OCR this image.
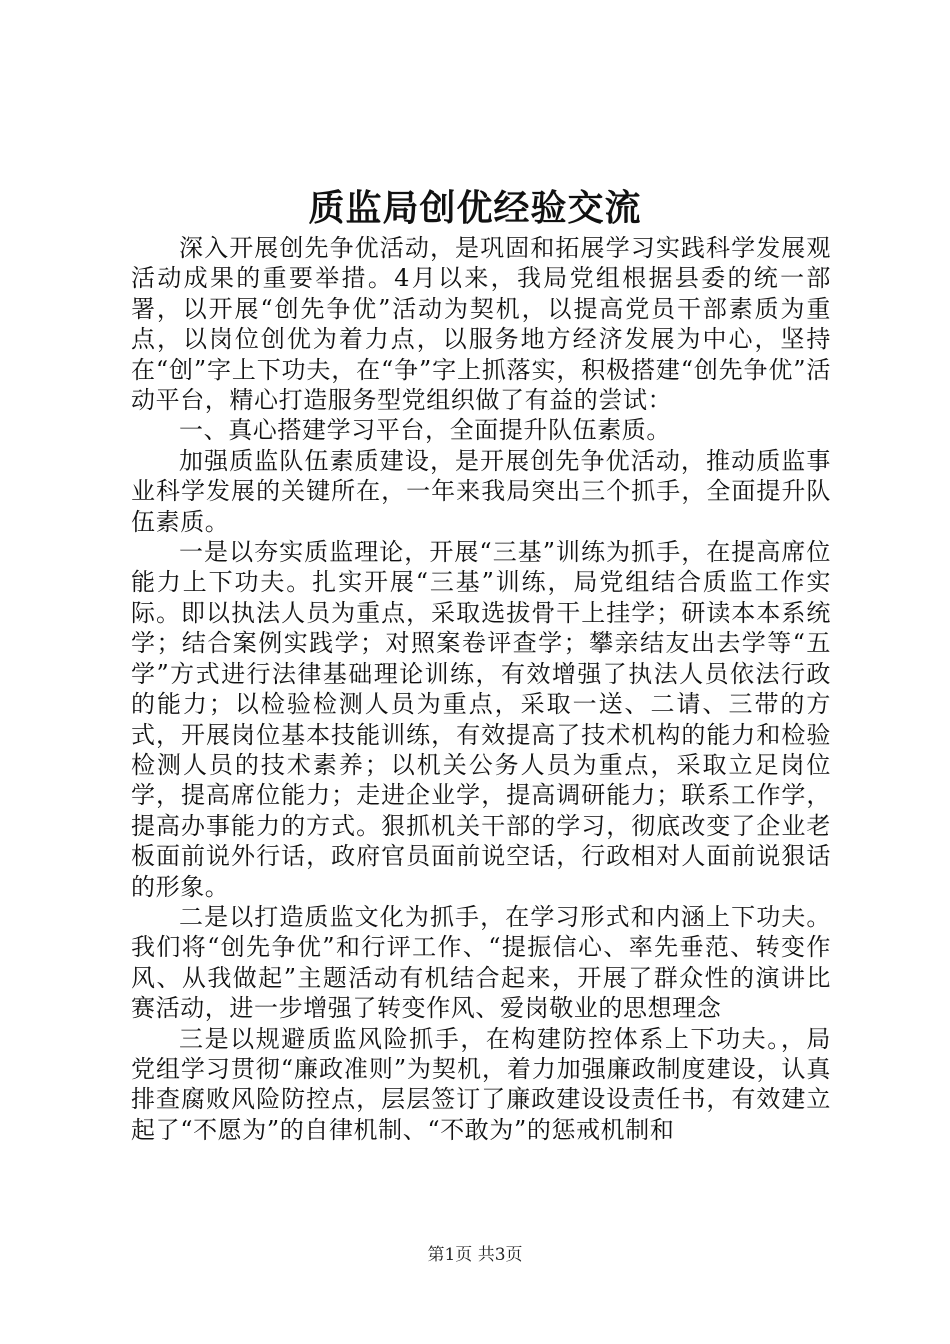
质监局创优经验交流

深入开展创先争优活动，是巩固和拓展学习实践科学发展观活动成果的重要举措。4月以来，我局党组根据县委的统一部署，以开展“创先争优”活动为契机，以提高党员干部素质为重点，以岗位创优为着力点，以服务地方经济发展为中心，坚持在“创”字上下功夫，在“争”字上抓落实，积极搭建“创先争优”活动平台，精心打造服务型党组织做了有益的尝试：

一、真心搭建学习平台，全面提升队伍素质。

加强质监队伍素质建设，是开展创先争优活动，推动质监事业科学发展的关键所在，一年来我局突出三个抓手，全面提升队伍素质。

一是以夯实质监理论，开展“三基”训练为抓手，在提高席位能力上下功夫。扎实开展“三基”训练，局党组结合质监工作实际。即以执法人员为重点，采取选拔骨干上挂学；研读本本系统学；结合案例实践学；对照案卷评查学；攀亲结友出去学等“五学”方式进行法律基础理论训练，有效增强了执法人员依法行政的能力；以检验检测人员为重点，采取一送、二请、三带的方式，开展岗位基本技能训练，有效提高了技术机构的能力和检验检测人员的技术素养；以机关公务人员为重点，采取立足岗位学，提高席位能力；走进企业学，提高调研能力；联系工作学，提高办事能力的方式。狠抓机关干部的学习，彻底改变了企业老板面前说外行话，政府官员面前说空话，行政相对人面前说狠话的形象。

二是以打造质监文化为抓手，在学习形式和内涵上下功夫。我们将“创先争优”和行评工作、“提振信心、率先垂范、转变作风、从我做起”主题活动有机结合起来，开展了群众性的演讲比赛活动，进一步增强了转变作风、爱岗敬业的思想理念

三是以规避质监风险抓手，在构建防控体系上下功夫。，局党组学习贯彻“廉政准则”为契机，着力加强廉政制度建设，认真排查腐败风险防控点，层层签订了廉政建设设责任书，有效建立起了“不愿为”的自律机制、“不敢为”的惩戒机制和

第1页 共3页
